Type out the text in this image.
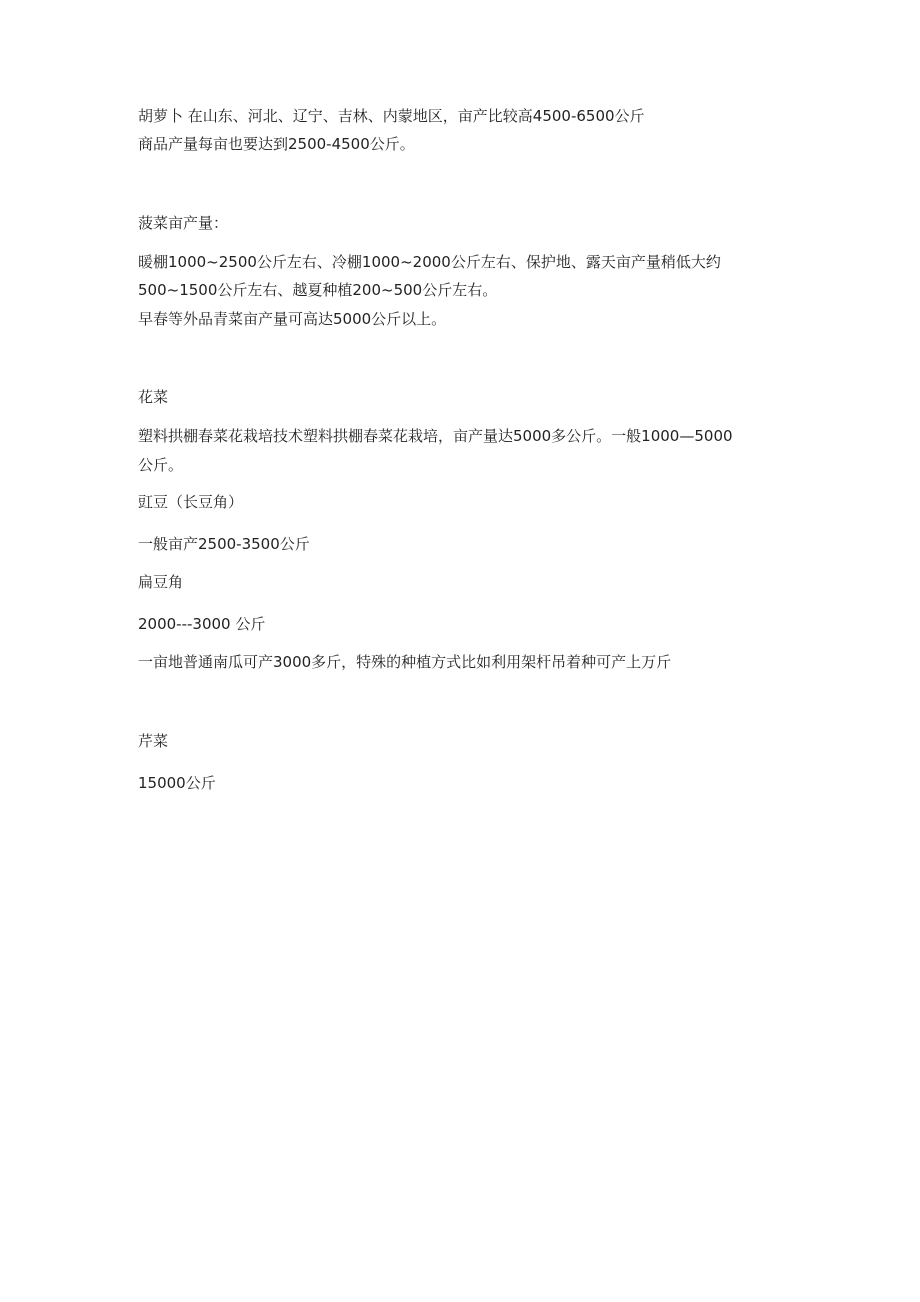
胡萝卜 在山东、河北、辽宁、吉林、内蒙地区，亩产比较高4500-6500公斤
商品产量每亩也要达到2500-4500公斤。
菠菜亩产量：
暖棚1000~2500公斤左右、冷棚1000~2000公斤左右、保护地、露天亩产量稍低大约
500~1500公斤左右、越夏种植200~500公斤左右。
早春等外品青菜亩产量可高达5000公斤以上。
花菜
塑料拱棚春菜花栽培技术塑料拱棚春菜花栽培，亩产量达5000多公斤。一般1000—5000
公斤。
豇豆（长豆角）
一般亩产2500-3500公斤
扁豆角
2000---3000 公斤
一亩地普通南瓜可产3000多斤，特殊的种植方式比如利用架杆吊着种可产上万斤
芹菜
15000公斤
